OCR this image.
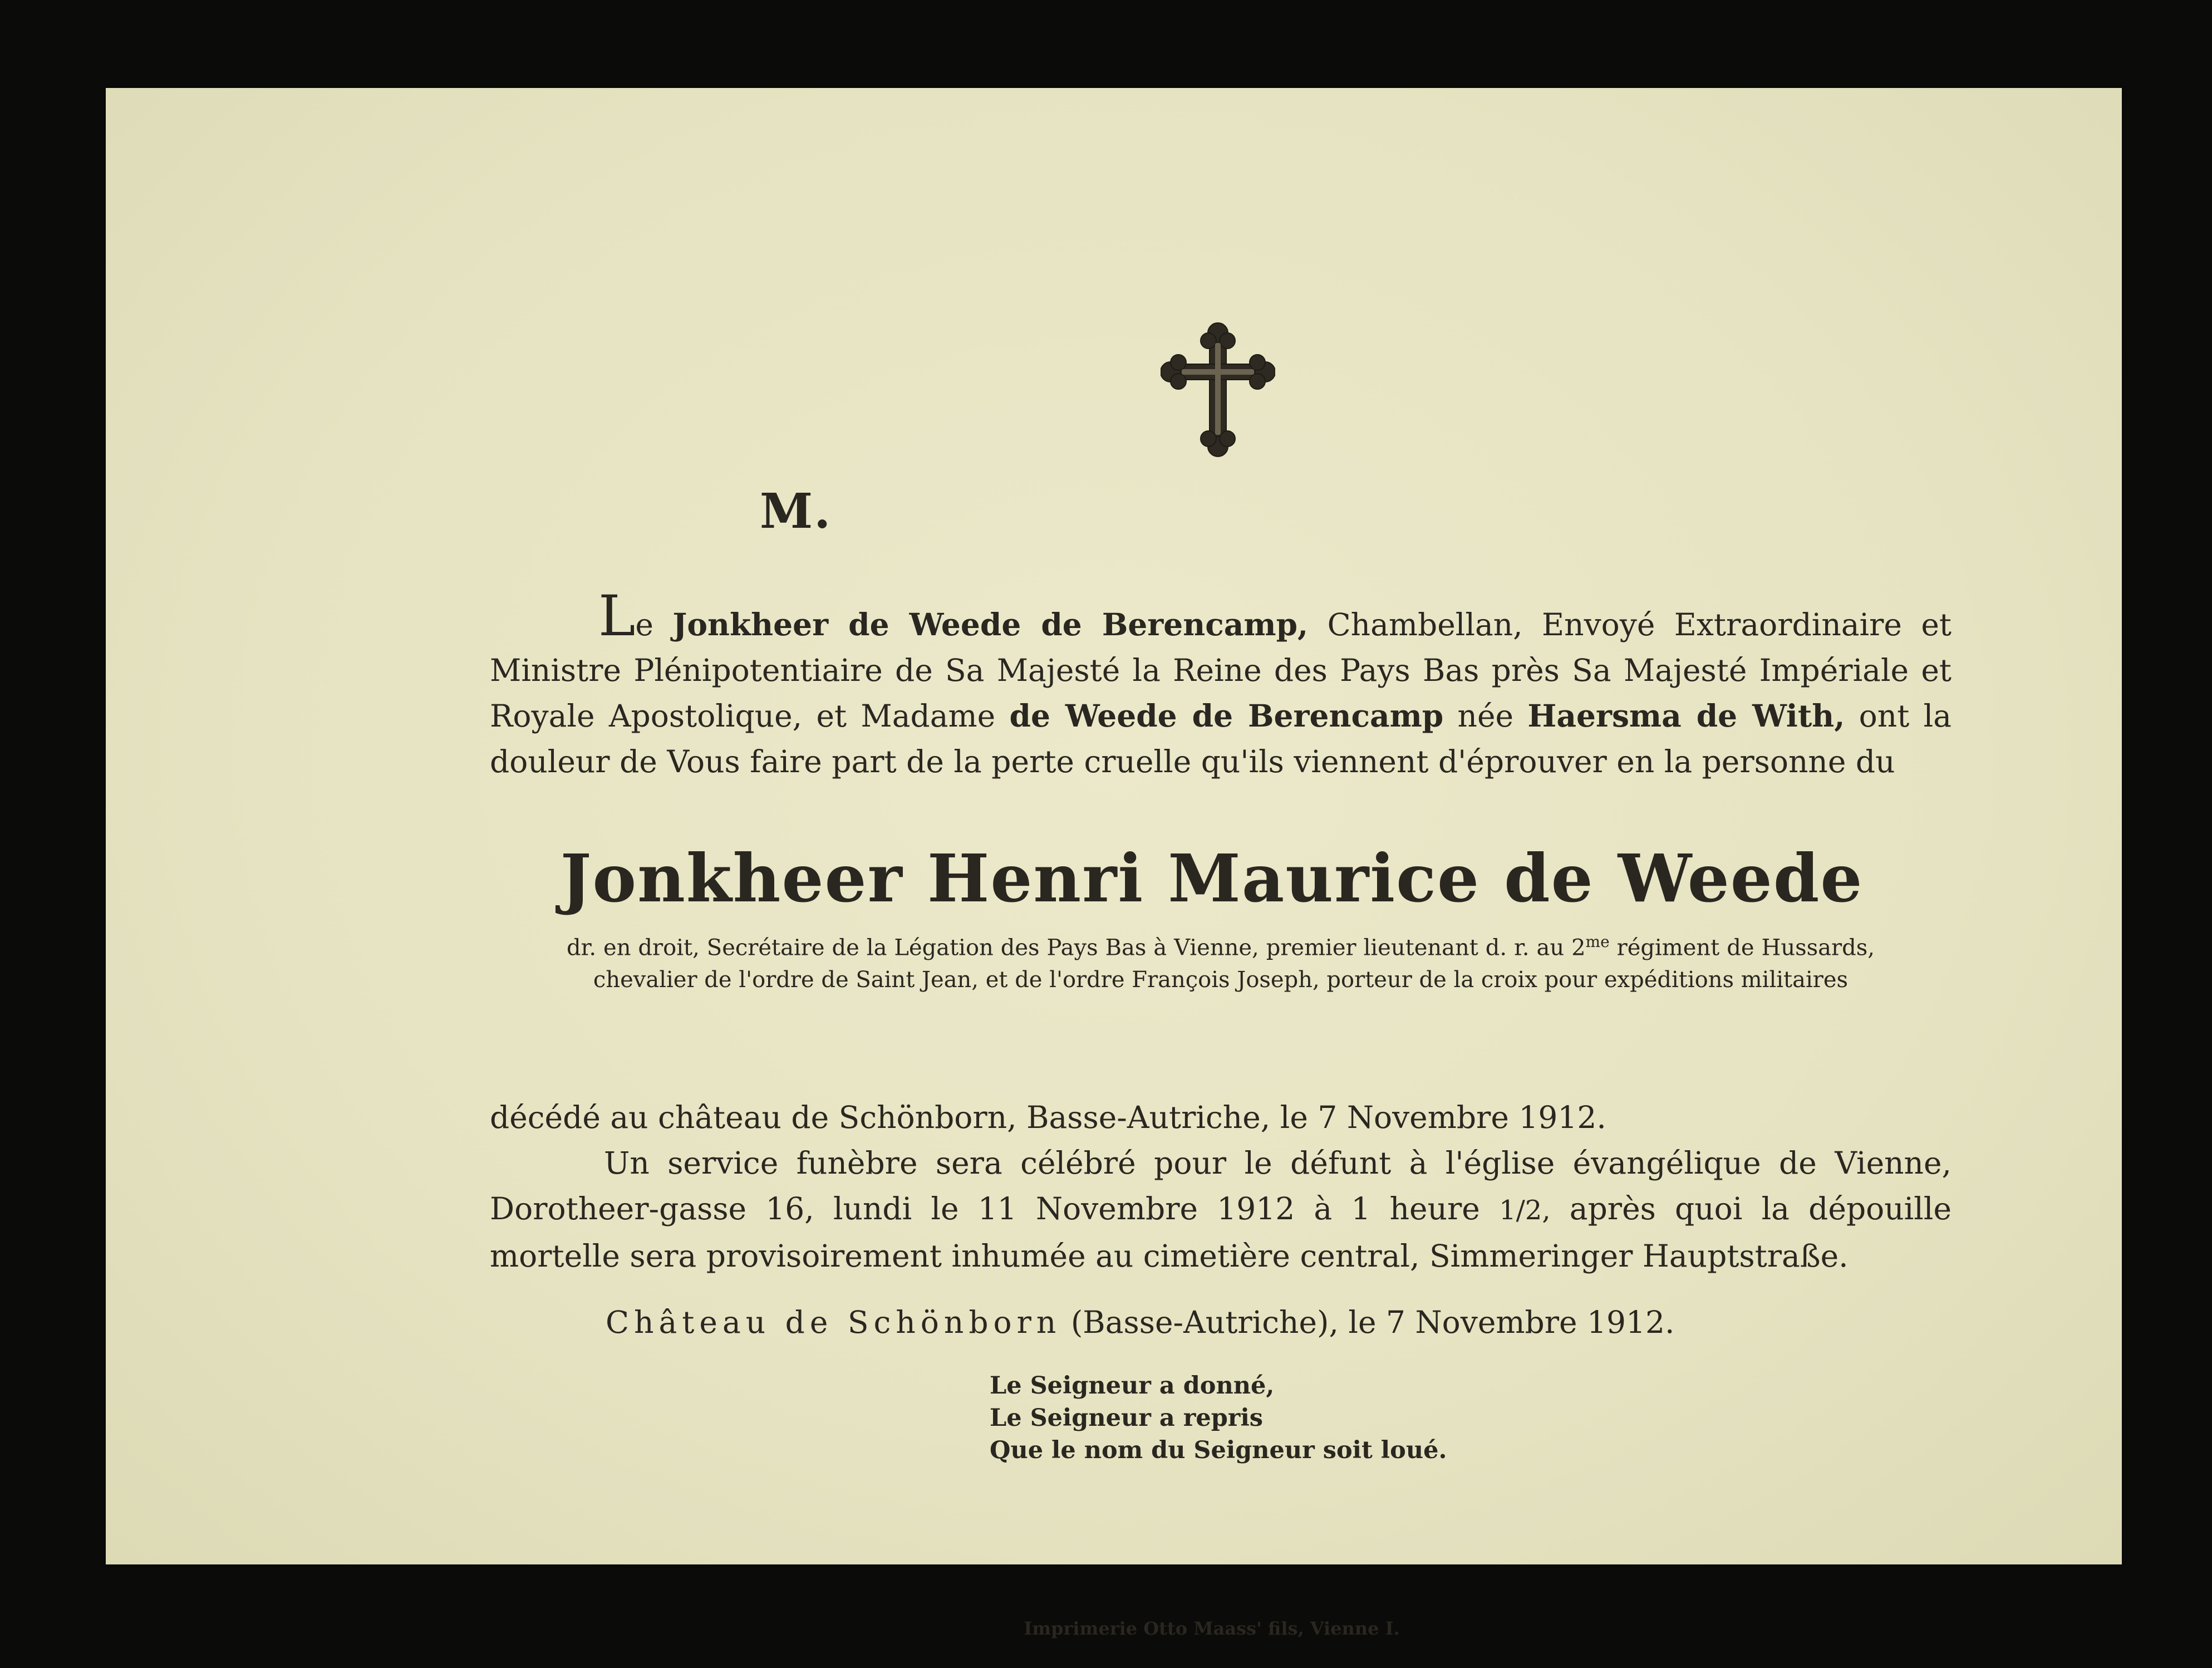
M.

Le Jonkheer de Weede de Berencamp, Chambellan, Envoyé Extraordinaire et Ministre Plénipotentiaire de Sa Majesté la Reine des Pays Bas près Sa Majesté Impériale et Royale Apostolique, et Madame de Weede de Berencamp née Haersma de With, ont la douleur de Vous faire part de la perte cruelle qu'ils viennent d'éprouver en la personne du

Jonkheer Henri Maurice de Weede

dr. en droit, Secrétaire de la Légation des Pays Bas à Vienne, premier lieutenant d. r. au $2^{me}$ régiment de Hussards, chevalier de l'ordre de Saint Jean, et de l'ordre François Joseph, porteur de la croix pour expéditions militaires

décédé au château de Schönborn, Basse-Autriche, le 7 Novembre 1912.

Un service funèbre sera célébré pour le défunt à l'église évangélique de Vienne, Dorotheer-gasse 16, lundi le 11 Novembre 1912 à 1 heure 1/2, après quoi la dépouille mortelle sera provisoirement inhumée au cimetière central, Simmeringer Hauptstraße.

Château de Schönborn (Basse-Autriche), le 7 Novembre 1912.
Le Seigneur a donné,
Le Seigneur a repris
Que le nom du Seigneur soit loué.
Imprimerie Otto Maass' fils, Vienne I.
